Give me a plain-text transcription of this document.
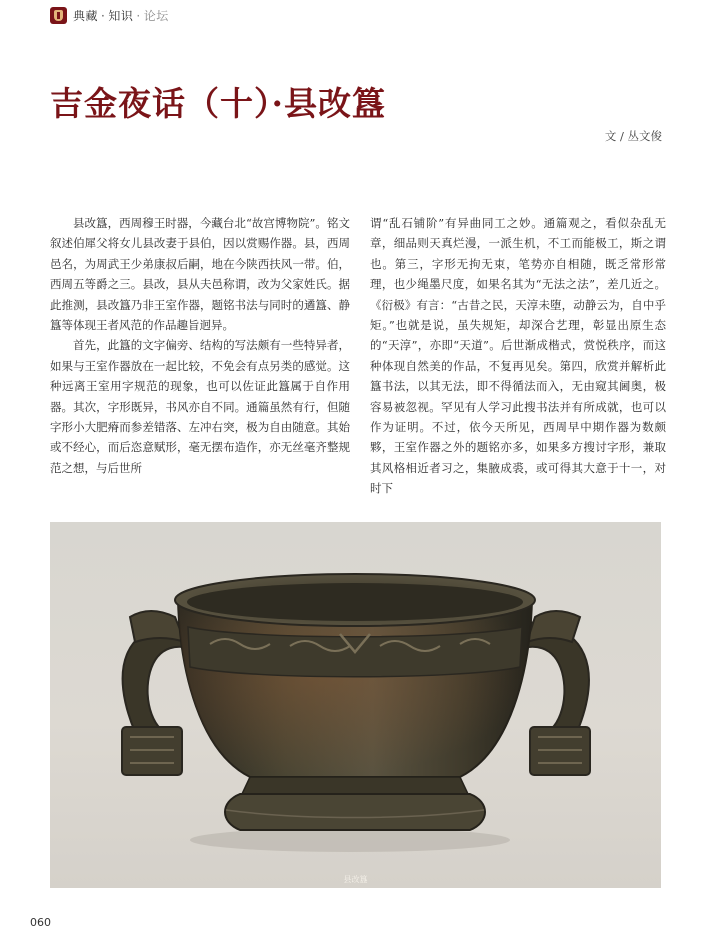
典藏 · 知识 · 论坛
吉金夜话（十）·县改簋
文 / 丛文俊

县改簋，西周穆王时器，今藏台北“故宫博物院”。铭文叙述伯犀父将女儿县改妻于县伯，因以赏赐作器。县，西周邑名，为周武王少弟康叔后嗣，地在今陕西扶风一带。伯，西周五等爵之三。县改，县从夫邑称谓，改为父家姓氏。据此推测，县改簋乃非王室作器，题铭书法与同时的遹簋、静簋等体现王者风范的作品趣旨迥异。

首先，此簋的文字偏旁、结构的写法颇有一些特异者，如果与王室作器放在一起比较，不免会有点另类的感觉。这种远离王室用字规范的现象，也可以佐证此簋属于自作用器。其次，字形既异，书风亦自不同。通篇虽然有行，但随字形小大肥瘠而参差错落、左冲右突，极为自由随意。其始或不经心，而后恣意赋形，毫无摆布造作，亦无丝毫齐整规范之想，与后世所

谓“乱石铺阶”有异曲同工之妙。通篇观之，看似杂乱无章，细品则天真烂漫，一派生机，不工而能极工，斯之谓也。第三，字形无拘无束，笔势亦自相随，既乏常形常理，也少绳墨尺度，如果名其为“无法之法”，差几近之。《衍极》有言：“古昔之民，天淳未堕，动静云为，自中乎矩。”也就是说，虽失规矩，却深合艺理，彰显出原生态的“天淳”，亦即“天道”。后世渐成楷式，赏悦秩序，而这种体现自然美的作品，不复再见矣。第四，欣赏并解析此簋书法，以其无法，即不得循法而入，无由窥其阃奥，极容易被忽视。罕见有人学习此搜书法并有所成就，也可以作为证明。不过，依今天所见，西周早中期作器为数颇夥，王室作器之外的题铭亦多，如果多方搜讨字形，兼取其风格相近者习之，集腋成裘，或可得其大意于十一，对时下

县改簋
060
